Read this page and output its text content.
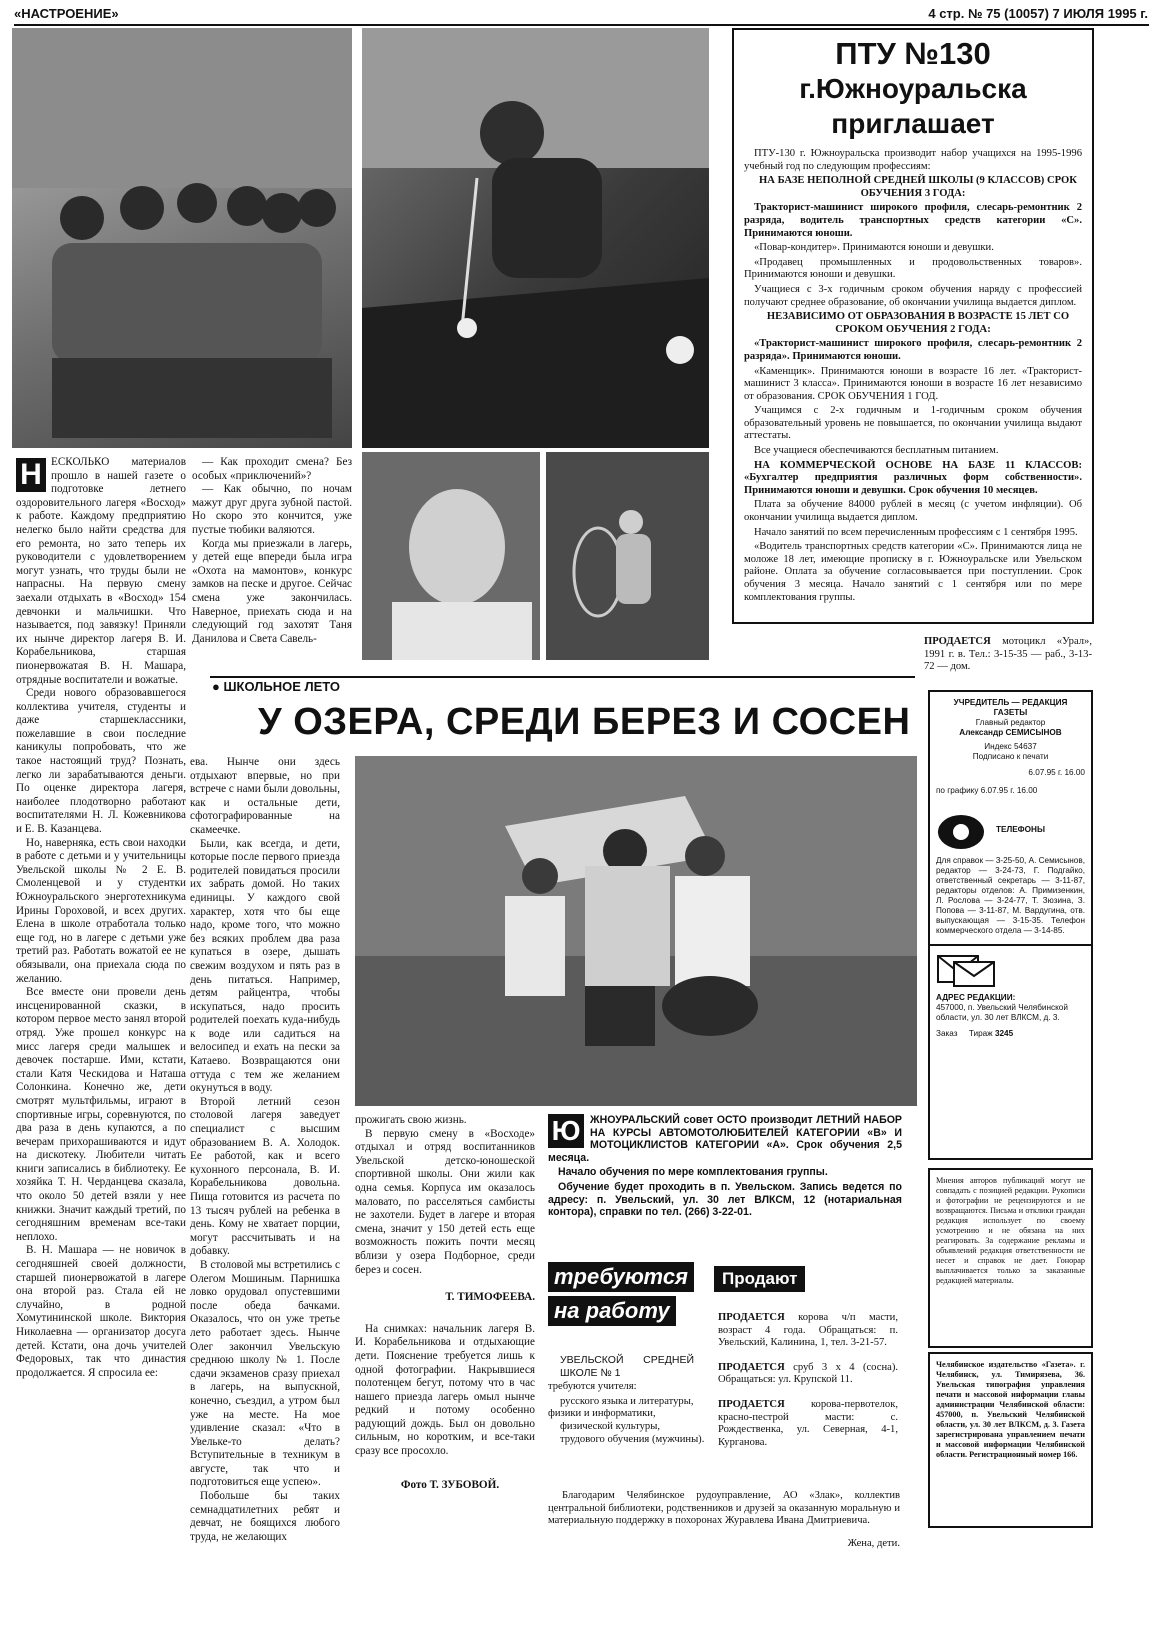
«НАСТРОЕНИЕ»	4 стр. № 75 (10057) 7 ИЮЛЯ 1995 г.
ПТУ №130
г.Южноуральска
приглашает

ПТУ-130 г. Южноуральска производит набор учащихся на 1995-1996 учебный год по следующим профессиям:

НА БАЗЕ НЕПОЛНОЙ СРЕДНЕЙ ШКОЛЫ (9 КЛАССОВ) СРОК ОБУЧЕНИЯ 3 ГОДА:

Тракторист-машинист широкого профиля, слесарь-ремонтник 2 разряда, водитель транспортных средств категории «С». Принимаются юноши.

«Повар-кондитер». Принимаются юноши и девушки.

«Продавец промышленных и продовольственных товаров». Принимаются юноши и девушки.

Учащиеся с 3-х годичным сроком обучения наряду с профессией получают среднее образование, об окончании училища выдается диплом.

НЕЗАВИСИМО ОТ ОБРАЗОВАНИЯ В ВОЗРАСТЕ 15 ЛЕТ СО СРОКОМ ОБУЧЕНИЯ 2 ГОДА:

«Тракторист-машинист широкого профиля, слесарь-ремонтник 2 разряда». Принимаются юноши.

«Каменщик». Принимаются юноши в возрасте 16 лет. «Тракторист-машинист 3 класса». Принимаются юноши в возрасте 16 лет независимо от образования. СРОК ОБУЧЕНИЯ 1 ГОД.

Учащимся с 2-х годичным и 1-годичным сроком обучения образовательный уровень не повышается, по окончании училища выдают аттестаты.

Все учащиеся обеспечиваются бесплатным питанием.

НА КОММЕРЧЕСКОЙ ОСНОВЕ НА БАЗЕ 11 КЛАССОВ: «Бухгалтер предприятия различных форм собственности». Принимаются юноши и девушки. Срок обучения 10 месяцев.

Плата за обучение 84000 рублей в месяц (с учетом инфляции). Об окончании училища выдается диплом.

Начало занятий по всем перечисленным профессиям с 1 сентября 1995.

«Водитель транспортных средств категории «С». Принимаются лица не моложе 18 лет, имеющие прописку в г. Южноуральске или Увельском районе. Оплата за обучение согласовывается при поступлении. Срок обучения 3 месяца. Начало занятий с 1 сентября или по мере комплектования группы.

Н ЕСКОЛЬКО материалов прошло в нашей газете о подготовке летнего оздоровительного лагеря «Восход» к работе. Каждому предприятию нелегко было найти средства для его ремонта, но зато теперь их руководители с удовлетворением могут узнать, что труды были не напрасны. На первую смену заехали отдыхать в «Восход» 154 девчонки и мальчишки. Что называется, под завязку! Приняли их нынче директор лагеря В. И. Корабельникова, старшая пионервожатая В. Н. Машара, отрядные воспитатели и вожатые.

Среди нового образовавшегося коллектива учителя, студенты и даже старшеклассники, пожелавшие в свои последние каникулы попробовать, что же такое настоящий труд? Познать, легко ли зарабатываются деньги. По оценке директора лагеря, наиболее плодотворно работают воспитателями Н. Л. Кожевникова и Е. В. Казанцева.

Но, наверняка, есть свои находки в работе с детьми и у учительницы Увельской школы № 2 Е. В. Смоленцевой и у студентки Южноуральского энерготехникума Ирины Гороховой, и всех других. Елена в школе отработала только еще год, но в лагере с детьми уже третий раз. Работать вожатой ее не обязывали, она приехала сюда по желанию.

Все вместе они провели день инсценированной сказки, в котором первое место занял второй отряд. Уже прошел конкурс на мисс лагеря среди малышек и девочек постарше. Ими, кстати, стали Катя Ческидова и Наташа Солонкина. Конечно же, дети смотрят мультфильмы, играют в спортивные игры, соревнуются, по два раза в день купаются, а по вечерам прихорашиваются и идут на дискотеку. Любители читать книги записались в библиотеку. Ее хозяйка Т. Н. Черданцева сказала, что около 50 детей взяли у нее книжки. Значит каждый третий, по сегодняшним временам все-таки неплохо.

В. Н. Машара — не новичок в сегодняшней своей должности, старшей пионервожатой в лагере она второй раз. Стала ей не случайно, в родной Хомутининской школе. Виктория Николаевна — организатор досуга детей. Кстати, она дочь учителей Федоровых, так что династия продолжается. Я спросила ее:

— Как проходит смена? Без особых «приключений»?

— Как обычно, по ночам мажут друг друга зубной пастой. Но скоро это кончится, уже пустые тюбики валяются.

Когда мы приезжали в лагерь, у детей еще впереди была игра «Охота на мамонтов», конкурс замков на песке и другое. Сейчас смена уже закончилась. Наверное, приехать сюда и на следующий год захотят Таня Данилова и Света Савель-	ПРОДАЕТСЯ мотоцикл «Урал», 1991 г. в. Тел.: 3-15-35 — раб., 3-13-72 — дом.

● ШКОЛЬНОЕ ЛЕТО
У ОЗЕРА, СРЕДИ БЕРЕЗ И СОСЕН	УЧРЕДИТЕЛЬ — РЕДАКЦИЯ ГАЗЕТЫ
Главный редактор
Александр СЕМИСЫНОВ
Индекс 54637
Подписано к печати
6.07.95 г. 16.00
по графику 6.07.95 г. 16.00
ТЕЛЕФОНЫ
Для справок — 3-25-50, А. Семисынов, редактор — 3-24-73, Г. Подгайко, ответственный секретарь — 3-11-87, редакторы отделов: А. Примизенкин, Л. Рослова — 3-24-77, Т. Зюзина, З. Попова — 3-11-87, М. Вардугина, отв. выпускающая — 3-15-35. Телефон коммерческого отдела — 3-14-85.
АДРЕС РЕДАКЦИИ:
457000, п. Увельский Челябинской области, ул. 30 лет ВЛКСМ, д. 3.
Заказ Тираж 3245

ева. Нынче они здесь отдыхают впервые, но при встрече с нами были довольны, как и остальные дети, сфотографированные на скамеечке.

Были, как всегда, и дети, которые после первого приезда родителей повидаться просили их забрать домой. Но таких единицы. У каждого свой характер, хотя что бы еще надо, кроме того, что можно без всяких проблем два раза купаться в озере, дышать свежим воздухом и пять раз в день питаться. Например, детям райцентра, чтобы искупаться, надо просить родителей поехать куда-нибудь к воде или садиться на велосипед и ехать на пески за Катаево. Возвращаются они оттуда с тем же желанием окунуться в воду.

Второй летний сезон столовой лагеря заведует специалист с высшим образованием В. А. Холодок. Ее работой, как и всего кухонного персонала, В. И. Корабельникова довольна. Пища готовится из расчета по 13 тысяч рублей на ребенка в день. Кому не хватает порции, могут рассчитывать и на добавку.

В столовой мы встретились с Олегом Мошиным. Парнишка ловко орудовал опустевшими после обеда бачками. Оказалось, что он уже третье лето работает здесь. Нынче Олег закончил Увельскую среднюю школу № 1. После сдачи экзаменов сразу приехал в лагерь, на выпускной, конечно, съездил, а утром был уже на месте. На мое удивление сказал: «Что в Увельке-то делать? Вступительные в техникум в августе, так что и подготовиться еще успею».

Побольше бы таких семнадцатилетних ребят и девчат, не боящихся любого труда, не желающих

прожигать свою жизнь.

В первую смену в «Восходе» отдыхал и отряд воспитанников Увельской детско-юношеской спортивной школы. Они жили как одна семья. Корпуса им оказалось маловато, по расселяться самбисты не захотели. Будет в лагере и вторая смена, значит у 150 детей есть еще возможность пожить почти месяц вблизи у озера Подборное, среди берез и сосен.

Т. ТИМОФЕЕВА.

На снимках: начальник лагеря В. И. Корабельникова и отдыхающие дети. Пояснение требуется лишь к одной фотографии. Накрывшиеся полотенцем бегут, потому что в час нашего приезда лагерь омыл нынче редкий и потому особенно радующий дождь. Был он довольно сильным, но коротким, и все-таки сразу все просохло.

Фото Т. ЗУБОВОЙ.

Ю ЖНОУРАЛЬСКИЙ совет ОСТО производит ЛЕТНИЙ НАБОР НА КУРСЫ АВТОМОТОЛЮБИТЕЛЕЙ КАТЕГОРИИ «В» И МОТОЦИКЛИСТОВ КАТЕГОРИИ «А». Срок обучения 2,5 месяца.

Начало обучения по мере комплектования группы.

Обучение будет проходить в п. Увельском. Запись ведется по адресу: п. Увельский, ул. 30 лет ВЛКСМ, 12 (нотариальная контора), справки по тел. (266) 3-22-01.

требуются на работу

УВЕЛЬСКОЙ СРЕДНЕЙ ШКОЛЕ № 1

требуются учителя:

русского языка и литературы,

физики и информатики,

физической культуры,

трудового обучения (мужчины).

Продают

ПРОДАЕТСЯ корова ч/п масти, возраст 4 года. Обращаться: п. Увельский, Калинина, 1, тел. 3-21-57.

ПРОДАЕТСЯ сруб 3 х 4 (сосна). Обращаться: ул. Крупской 11.

ПРОДАЕТСЯ корова-первотелок, красно-пестрой масти: с. Рождественка, ул. Северная, 4-1, Курганова.

Благодарим Челябинское рудоуправление, АО «Злак», коллектив центральной библиотеки, родственников и друзей за оказанную моральную и материальную поддержку в похоронах Журавлева Ивана Дмитриевича.

Жена, дети.

Мнения авторов публикаций могут не совпадать с позицией редакции. Рукописи и фотографии не рецензируются и не возвращаются. Письма и отклики граждан редакция использует по своему усмотрению и не обязана на них реагировать. За содержание рекламы и объявлений редакция ответственности не несет и справок не дает. Гонорар выплачивается только за заказанные редакцией материалы.
Челябинское издательство «Газета». г. Челябинск, ул. Тимирязева, 36. Увельская типография управления печати и массовой информации главы администрации Челябинской области: 457000, п. Увельский Челябинской области, ул. 30 лет ВЛКСМ, д. 3. Газета зарегистрирована управлением печати и массовой информации Челябинской области. Регистрационный номер 166.
